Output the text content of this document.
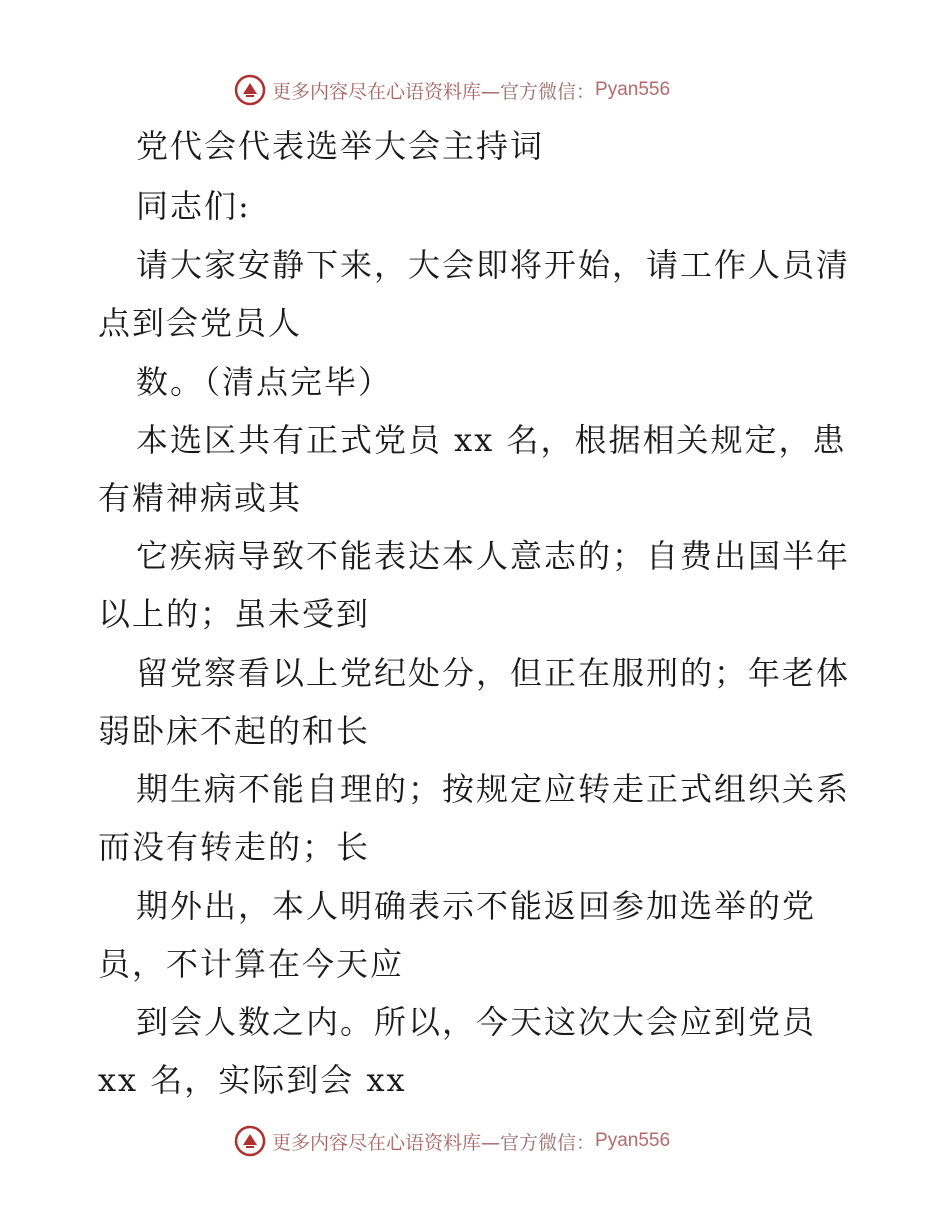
更多内容尽在心语资料库— 官方微信： Pyan556
党代会代表选举大会主持词
同志们:
请大家安静下来，大会即将开始，请工作人员清
点到会党员人
数。（清点完毕）
本选区共有正式党员 xx 名，根据相关规定，患
有精神病或其
它疾病导致不能表达本人意志的；自费出国半年
以上的；虽未受到
留党察看以上党纪处分，但正在服刑的；年老体
弱卧床不起的和长
期生病不能自理的；按规定应转走正式组织关系
而没有转走的；长
期外出，本人明确表示不能返回参加选举的党
员，不计算在今天应
到会人数之内。所以，今天这次大会应到党员
xx 名，实际到会 xx
更多内容尽在心语资料库— 官方微信： Pyan556
